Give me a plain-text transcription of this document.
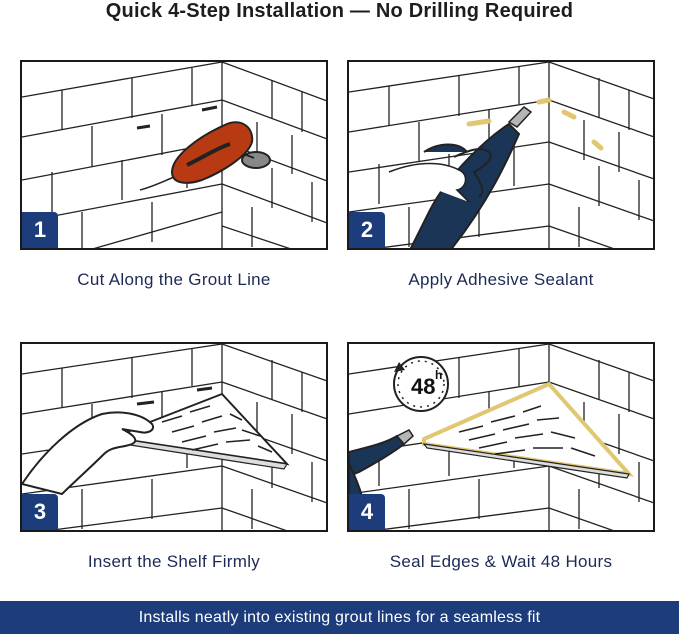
Quick 4-Step Installation — No Drilling Required
1
Cut Along the Grout Line
2
Apply Adhesive Sealant
3
Insert the Shelf Firmly
48 h
4
Seal Edges & Wait 48 Hours
Installs neatly into existing grout lines for a seamless fit
